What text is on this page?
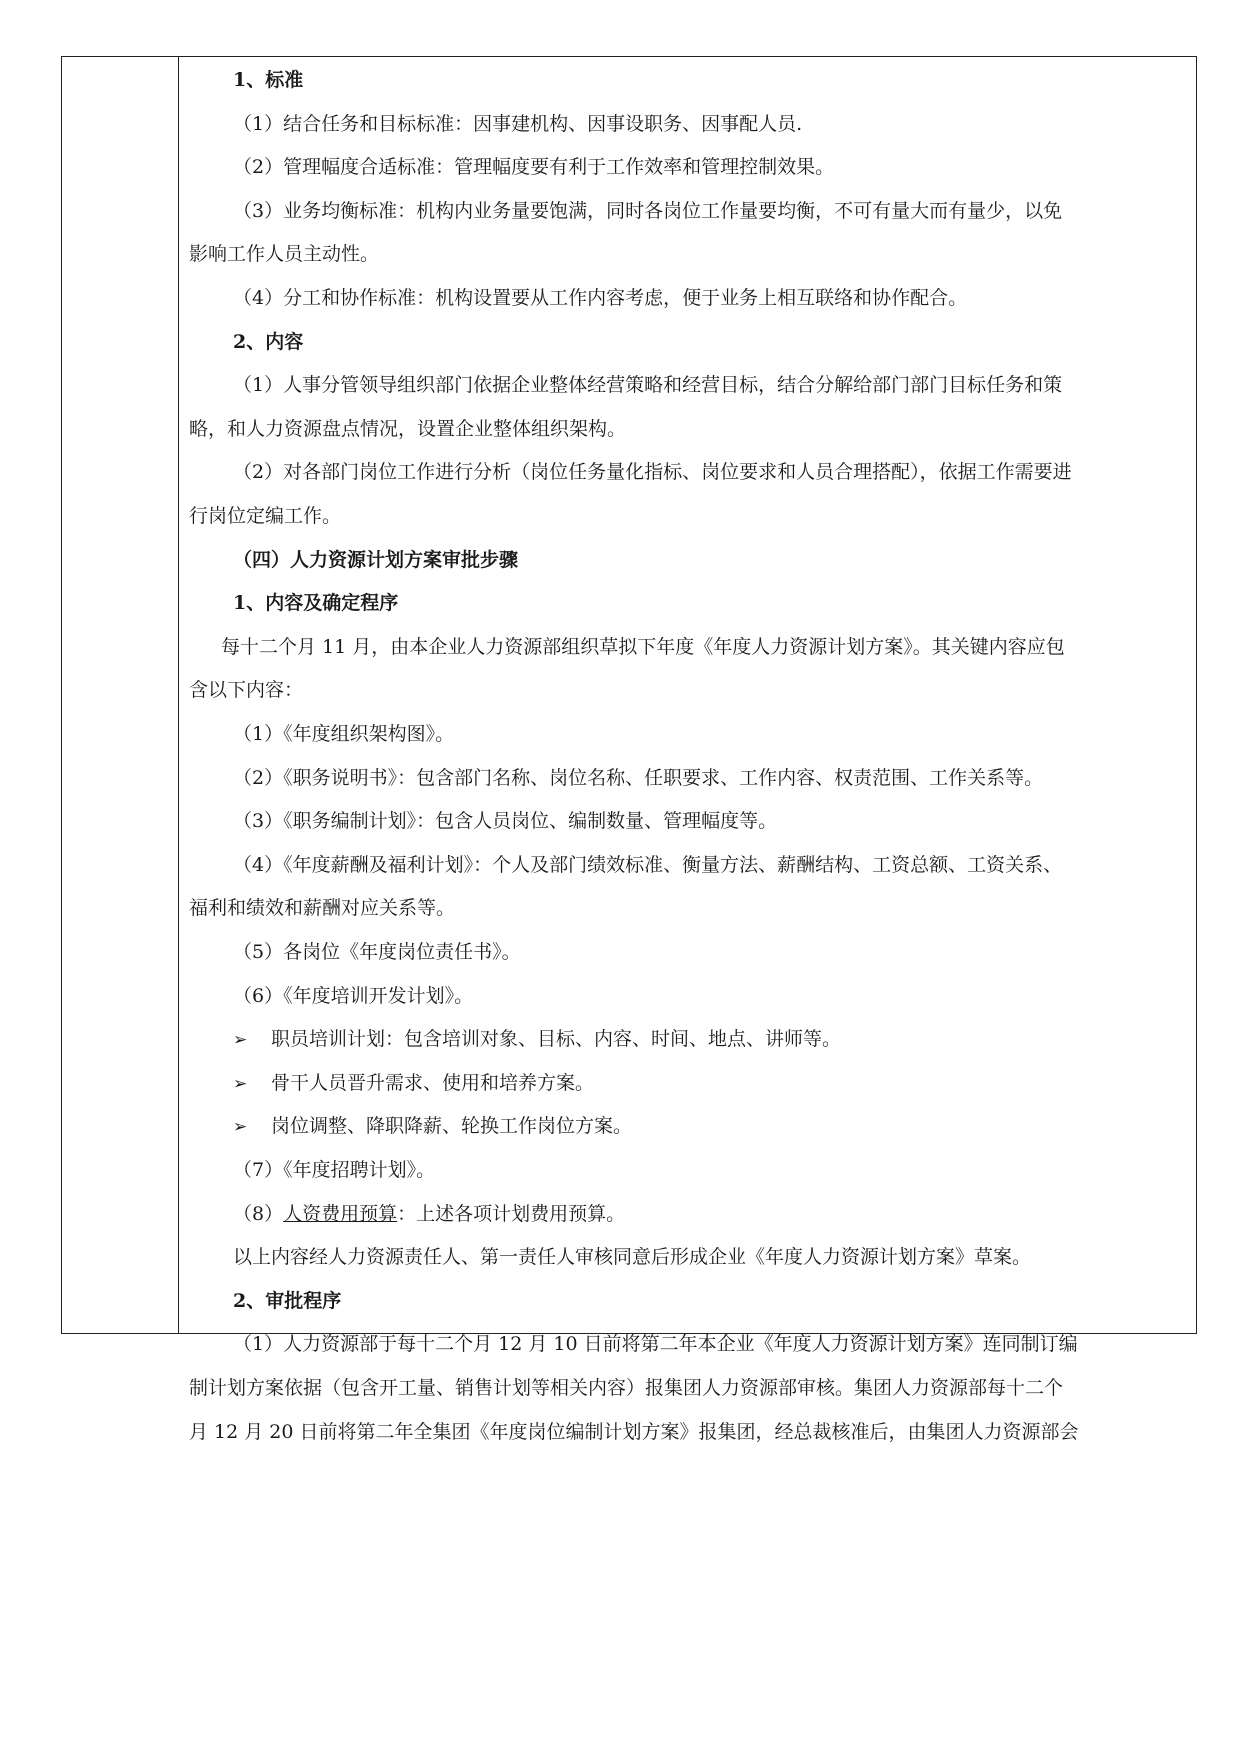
1、标准
（1）结合任务和目标标准：因事建机构、因事设职务、因事配人员.
（2）管理幅度合适标准：管理幅度要有利于工作效率和管理控制效果。
（3）业务均衡标准：机构内业务量要饱满，同时各岗位工作量要均衡，不可有量大而有量少，以免
影响工作人员主动性。
（4）分工和协作标准：机构设置要从工作内容考虑，便于业务上相互联络和协作配合。
2、内容
（1）人事分管领导组织部门依据企业整体经营策略和经营目标，结合分解给部门部门目标任务和策
略，和人力资源盘点情况，设置企业整体组织架构。
（2）对各部门岗位工作进行分析（岗位任务量化指标、岗位要求和人员合理搭配），依据工作需要进
行岗位定编工作。
（四）人力资源计划方案审批步骤
1、内容及确定程序
每十二个月 11 月，由本企业人力资源部组织草拟下年度《年度人力资源计划方案》。其关键内容应包
含以下内容：
（1）《年度组织架构图》。
（2）《职务说明书》：包含部门名称、岗位名称、任职要求、工作内容、权责范围、工作关系等。
（3）《职务编制计划》：包含人员岗位、编制数量、管理幅度等。
（4）《年度薪酬及福利计划》：个人及部门绩效标准、衡量方法、薪酬结构、工资总额、工资关系、
福利和绩效和薪酬对应关系等。
（5）各岗位《年度岗位责任书》。
（6）《年度培训开发计划》。
➢ 职员培训计划：包含培训对象、目标、内容、时间、地点、讲师等。
➢ 骨干人员晋升需求、使用和培养方案。
➢ 岗位调整、降职降薪、轮换工作岗位方案。
（7）《年度招聘计划》。
（8）人资费用预算：上述各项计划费用预算。
以上内容经人力资源责任人、第一责任人审核同意后形成企业《年度人力资源计划方案》草案。
2、审批程序
（1）人力资源部于每十二个月 12 月 10 日前将第二年本企业《年度人力资源计划方案》连同制订编
制计划方案依据（包含开工量、销售计划等相关内容）报集团人力资源部审核。集团人力资源部每十二个
月 12 月 20 日前将第二年全集团《年度岗位编制计划方案》报集团，经总裁核准后，由集团人力资源部会
